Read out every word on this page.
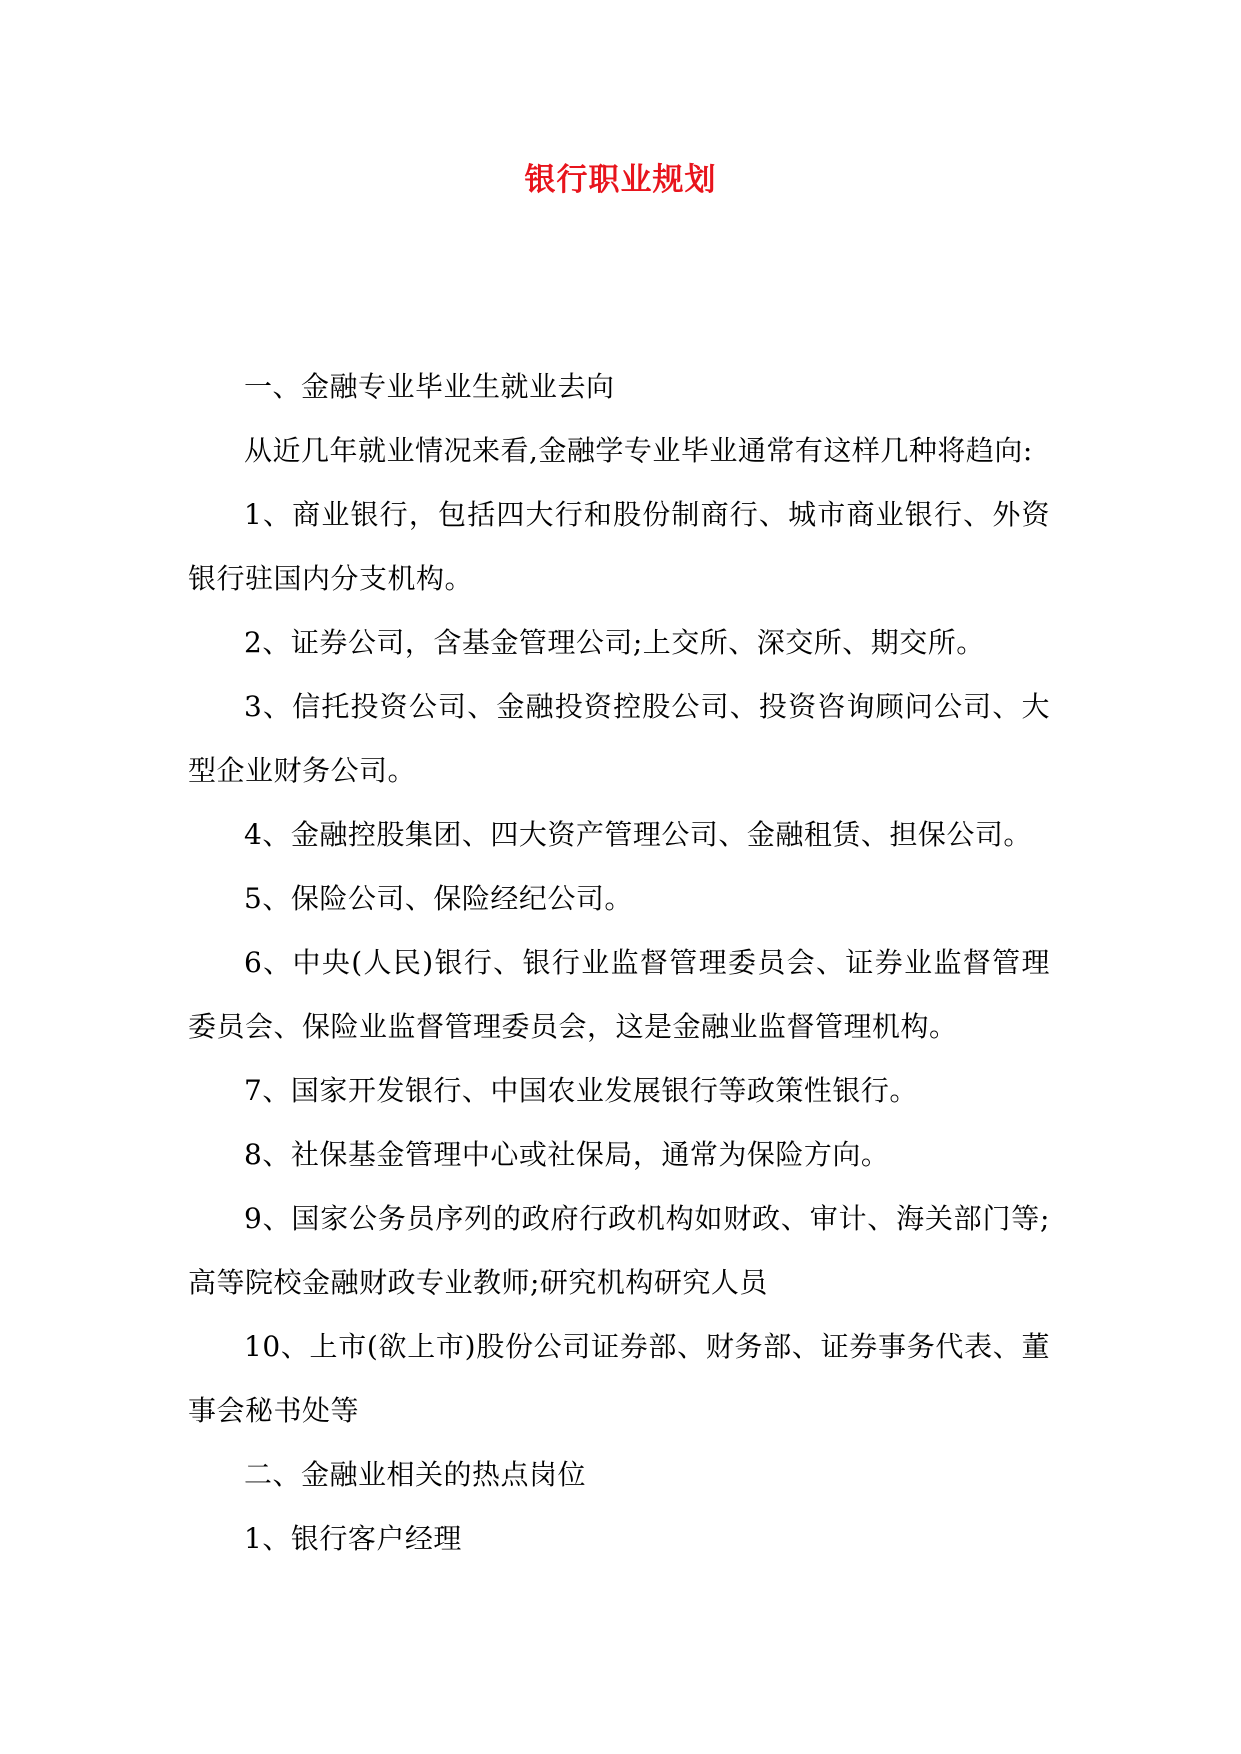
银行职业规划

一、金融专业毕业生就业去向

从近几年就业情况来看,金融学专业毕业通常有这样几种将趋向:

1、商业银行，包括四大行和股份制商行、城市商业银行、外资银行驻国内分支机构。

2、证券公司，含基金管理公司;上交所、深交所、期交所。

3、信托投资公司、金融投资控股公司、投资咨询顾问公司、大型企业财务公司。

4、金融控股集团、四大资产管理公司、金融租赁、担保公司。

5、保险公司、保险经纪公司。

6、中央(人民)银行、银行业监督管理委员会、证券业监督管理委员会、保险业监督管理委员会，这是金融业监督管理机构。

7、国家开发银行、中国农业发展银行等政策性银行。

8、社保基金管理中心或社保局，通常为保险方向。

9、国家公务员序列的政府行政机构如财政、审计、海关部门等;高等院校金融财政专业教师;研究机构研究人员

10、上市(欲上市)股份公司证券部、财务部、证券事务代表、董事会秘书处等

二、金融业相关的热点岗位

1、银行客户经理
